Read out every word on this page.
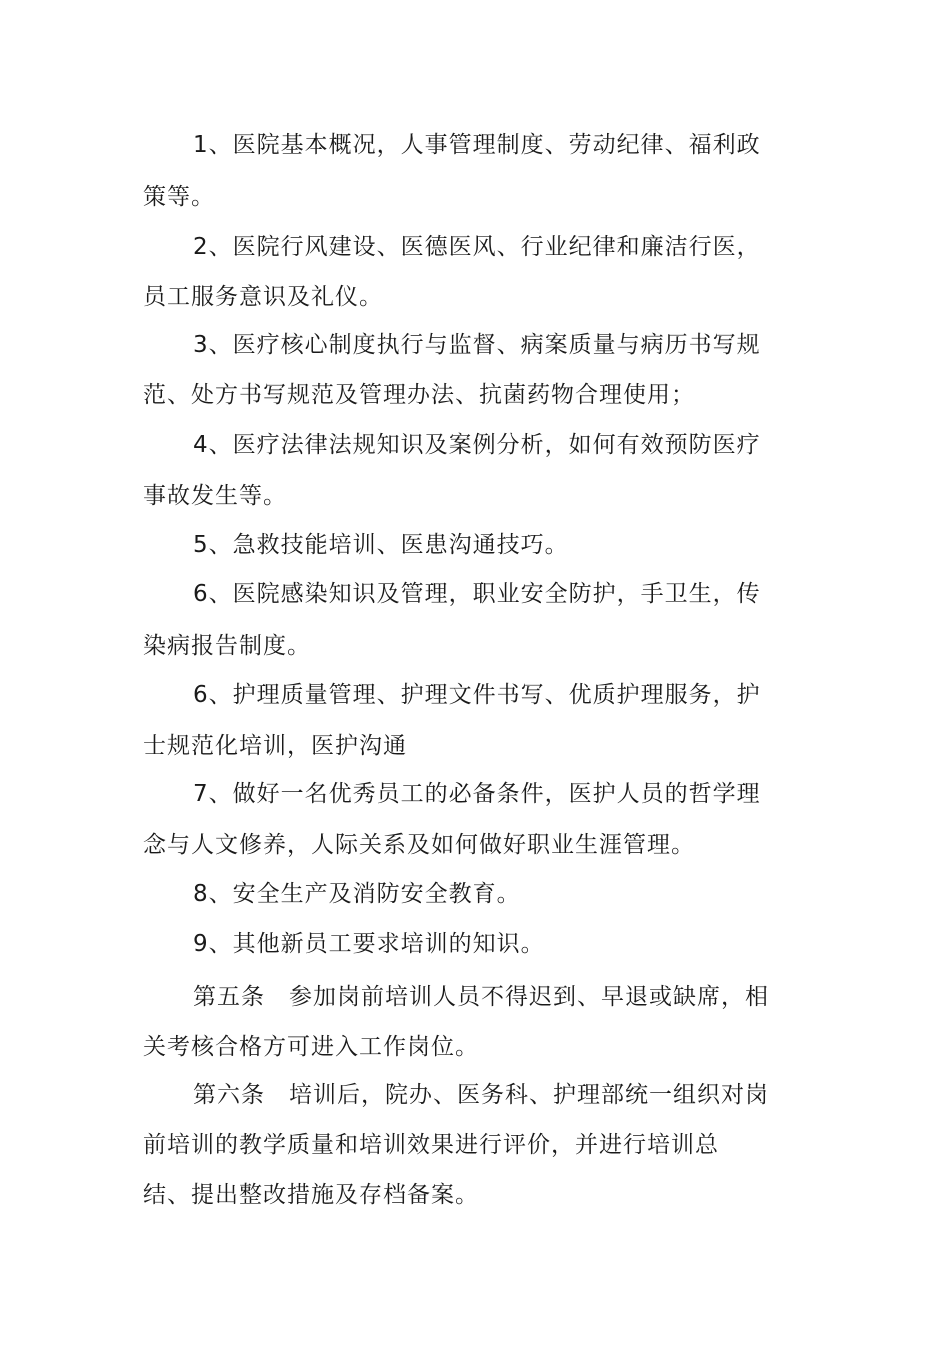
1、医院基本概况，人事管理制度、劳动纪律、福利政
策等。
2、医院行风建设、医德医风、行业纪律和廉洁行医，
员工服务意识及礼仪。
3、医疗核心制度执行与监督、病案质量与病历书写规
范、处方书写规范及管理办法、抗菌药物合理使用；
4、医疗法律法规知识及案例分析，如何有效预防医疗
事故发生等。
5、急救技能培训、医患沟通技巧。
6、医院感染知识及管理，职业安全防护，手卫生，传
染病报告制度。
6、护理质量管理、护理文件书写、优质护理服务，护
士规范化培训，医护沟通
7、做好一名优秀员工的必备条件，医护人员的哲学理
念与人文修养，人际关系及如何做好职业生涯管理。
8、安全生产及消防安全教育。
9、其他新员工要求培训的知识。
第五条　参加岗前培训人员不得迟到、早退或缺席，相
关考核合格方可进入工作岗位。
第六条　培训后，院办、医务科、护理部统一组织对岗
前培训的教学质量和培训效果进行评价，并进行培训总
结、提出整改措施及存档备案。
